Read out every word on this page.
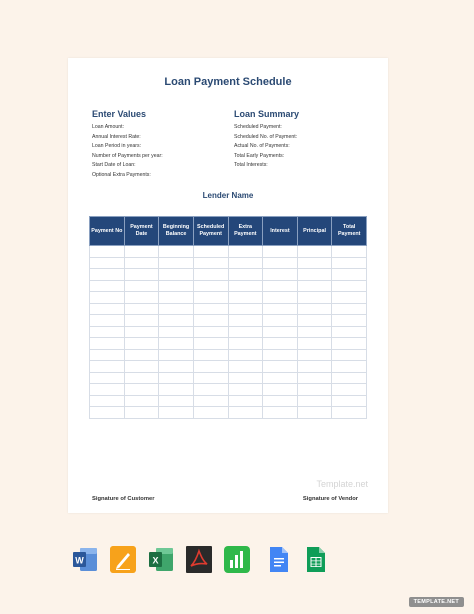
Loan Payment Schedule
Enter Values
Loan Amount:
Annual Interest Rate:
Loan Period in years:
Number of Payments per year:
Start Date of Loan:
Optional Extra Payments:
Loan Summary
Scheduled Payment:
Scheduled No. of Payment:
Actual No. of Payments:
Total Early Payments:
Total Interests:
Lender Name
Payment No	Payment Date	Beginning Balance	Scheduled Payment	Extra Payment	Interest	Principal	Total Payment

Template.net
Signature of Customer	Signature of Vendor
W	X
TEMPLATE.NET
